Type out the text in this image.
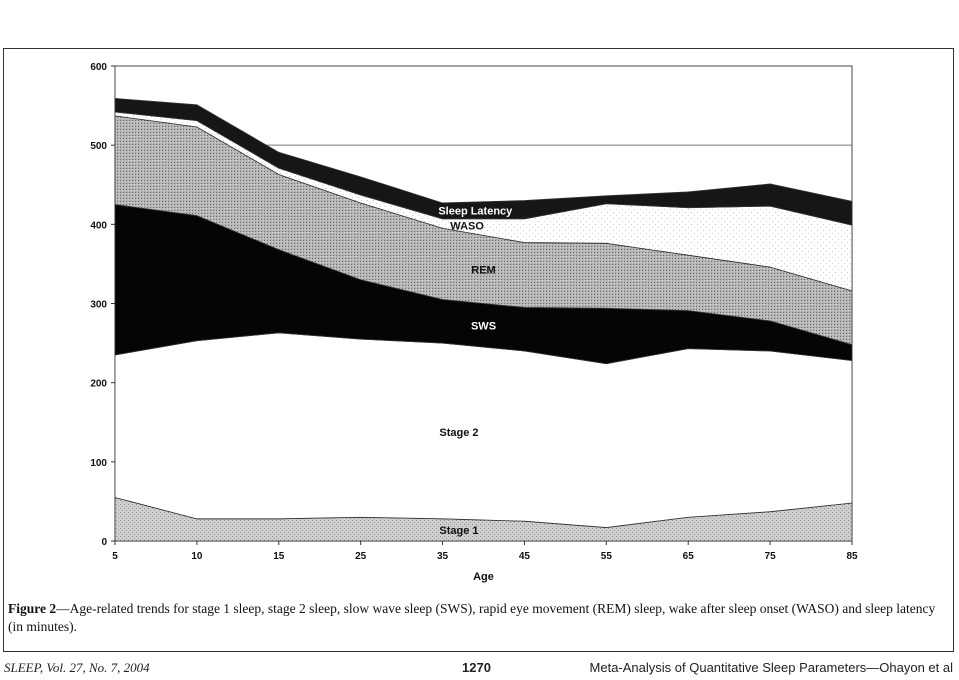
Stage 1
Stage 2
SWS
REM
WASO
Sleep Latency
0
100
200
300
400
500
600
5	10	15	25	35	45	55	65	75	85
Age
Figure 2—Age-related trends for stage 1 sleep, stage 2 sleep, slow wave sleep (SWS), rapid eye movement (REM) sleep, wake after sleep onset (WASO) and sleep latency (in minutes).
SLEEP, Vol. 27, No. 7, 2004	1270	Meta-Analysis of Quantitative Sleep Parameters—Ohayon et al
